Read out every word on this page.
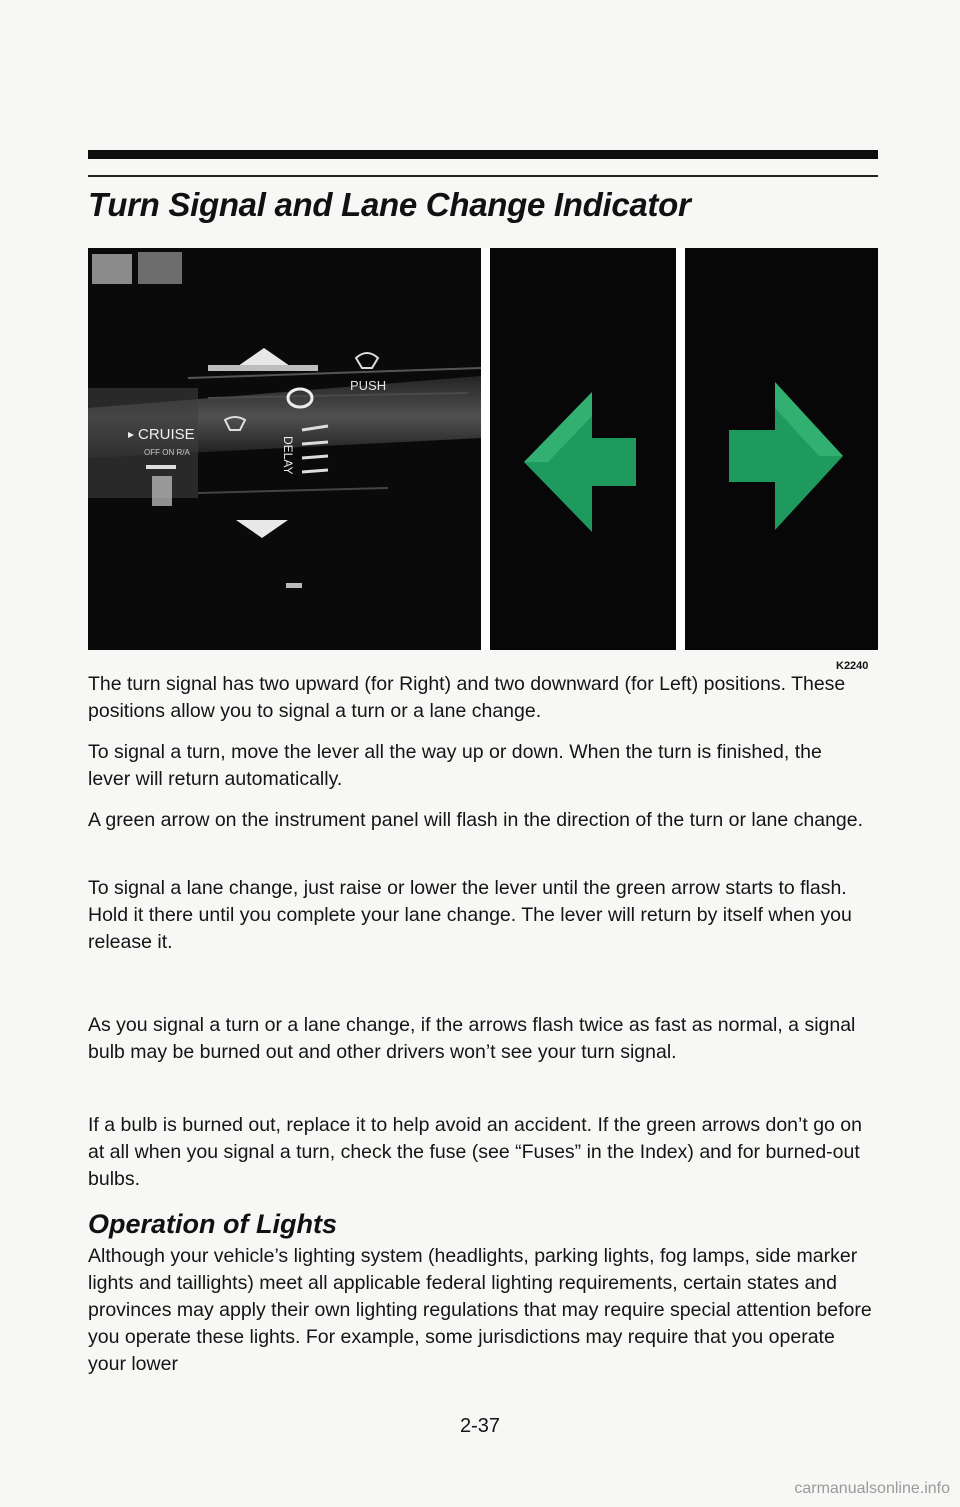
Turn Signal and Lane Change Indicator
PUSH
CRUISE
OFF ON R/A	DELAY
K2240

The turn signal has two upward (for Right) and two downward (for Left) positions. These positions allow you to signal a turn or a lane change.

To signal a turn, move the lever all the way up or down. When the turn is finished, the lever will return automatically.

A green arrow on the instrument panel will flash in the direction of the turn or lane change.

To signal a lane change, just raise or lower the lever until the green arrow starts to flash. Hold it there until you complete your lane change. The lever will return by itself when you release it.

As you signal a turn or a lane change, if the arrows flash twice as fast as normal, a signal bulb may be burned out and other drivers won’t see your turn signal.

If a bulb is burned out, replace it to help avoid an accident. If the green arrows don’t go on at all when you signal a turn, check the fuse (see “Fuses” in the Index) and for burned-out bulbs.

Operation of Lights

Although your vehicle’s lighting system (headlights, parking lights, fog lamps, side marker lights and taillights) meet all applicable federal lighting requirements, certain states and provinces may apply their own lighting regulations that may require special attention before you operate these lights. For example, some jurisdictions may require that you operate your lower

2-37
carmanualsonline.info
